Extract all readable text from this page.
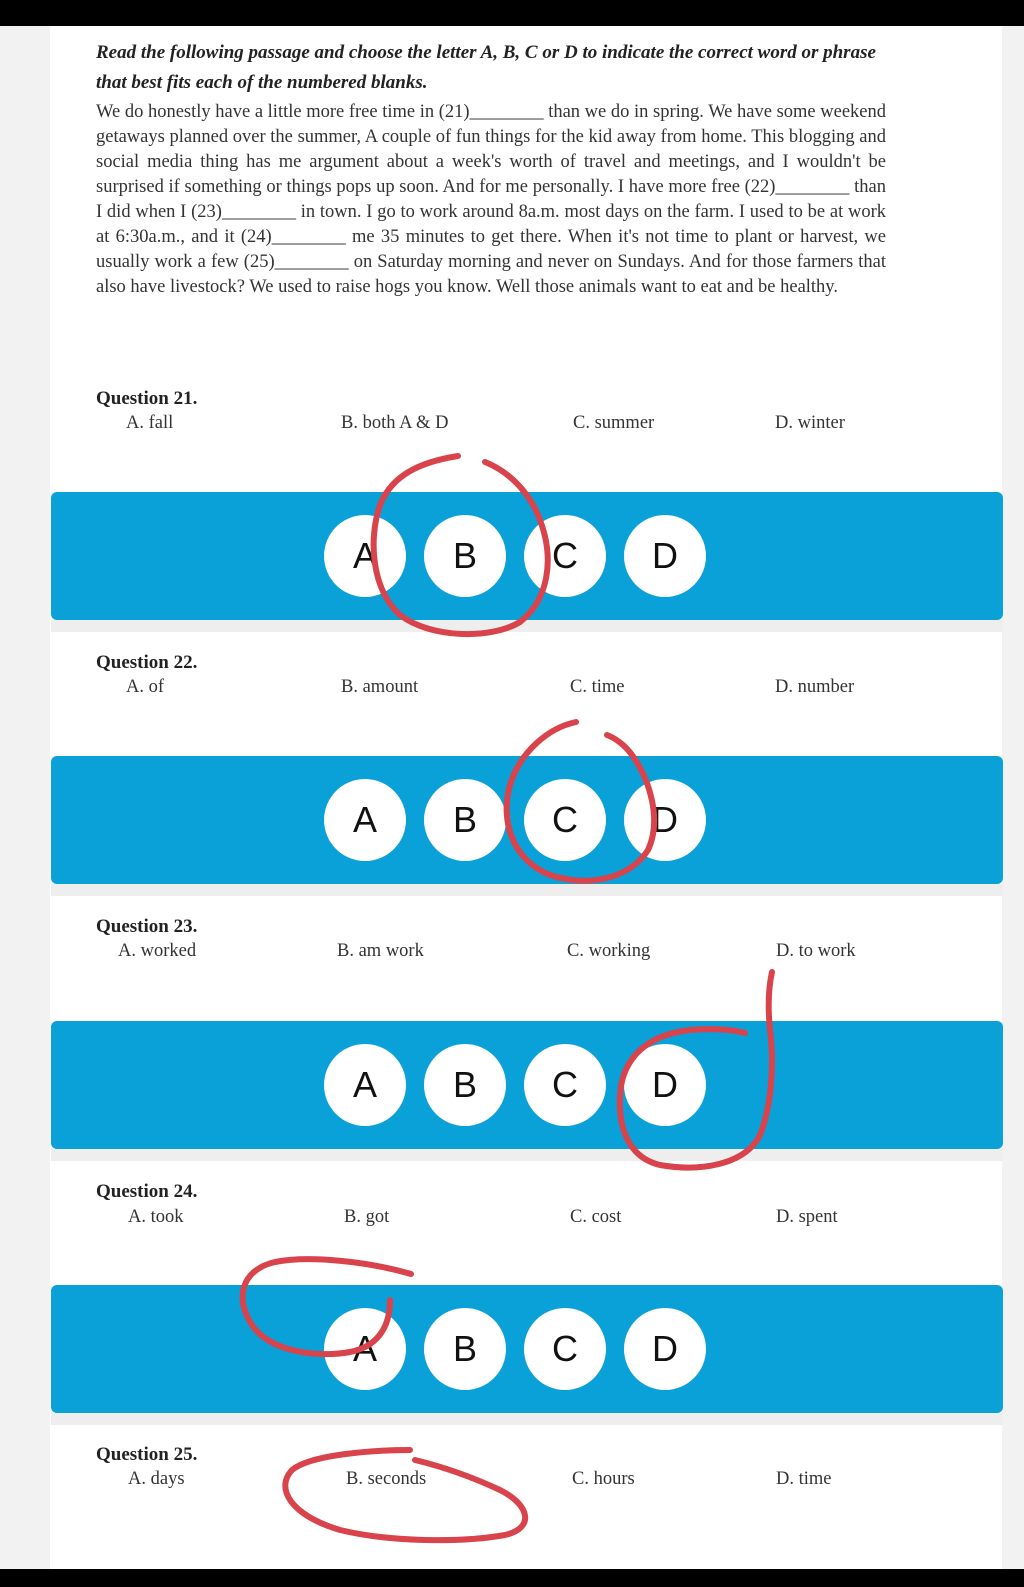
Read the following passage and choose the letter A, B, C or D to indicate the correct word or phrase that best fits each of the numbered blanks.
We do honestly have a little more free time in (21)________ than we do in spring. We have some weekend getaways planned over the summer, A couple of fun things for the kid away from home. This blogging and social media thing has me argument about a week's worth of travel and meetings, and I wouldn't be surprised if something or things pops up soon. And for me personally. I have more free (22)________ than I did when I (23)________ in town. I go to work around 8a.m. most days on the farm. I used to be at work at 6:30a.m., and it (24)________ me 35 minutes to get there. When it's not time to plant or harvest, we usually work a few (25)________ on Saturday morning and never on Sundays. And for those farmers that also have livestock? We used to raise hogs you know. Well those animals want to eat and be healthy.
Question 21.
A. fall	B. both A & D	C. summer	D. winter
A	B	C	D
Question 22.
A. of	B. amount	C. time	D. number
A	B	C	D
Question 23.
A. worked	B. am work	C. working	D. to work
A	B	C	D
Question 24.
A. took	B. got	C. cost	D. spent
A	B	C	D
Question 25.
A. days	B. seconds	C. hours	D. time
